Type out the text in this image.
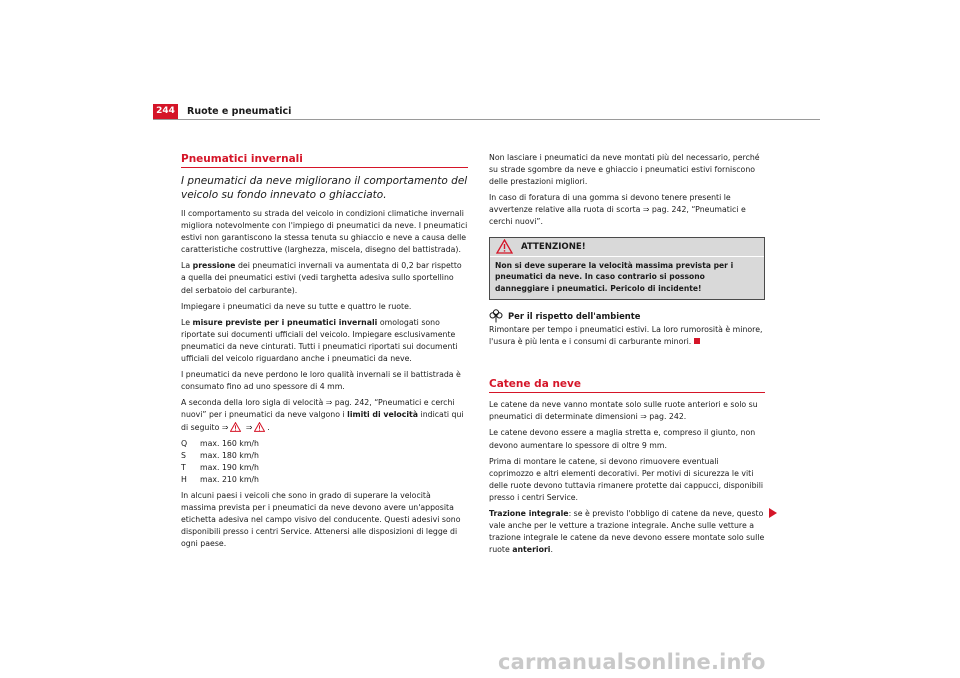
244	Ruote e pneumatici
Pneumatici invernali

I pneumatici da neve migliorano il comportamento del veicolo su fondo innevato o ghiacciato.

Il comportamento su strada del veicolo in condizioni climatiche invernali migliora notevolmente con l'impiego di pneumatici da neve. I pneumatici estivi non garantiscono la stessa tenuta su ghiaccio e neve a causa delle caratteristiche costruttive (larghezza, miscela, disegno del battistrada).

La pressione dei pneumatici invernali va aumentata di 0,2 bar rispetto a quella dei pneumatici estivi (vedi targhetta adesiva sullo sportellino del serbatoio del carburante).

Impiegare i pneumatici da neve su tutte e quattro le ruote.

Le misure previste per i pneumatici invernali omologati sono riportate sui documenti ufficiali del veicolo. Impiegare esclusivamente pneumatici da neve cinturati. Tutti i pneumatici riportati sui documenti ufficiali del veicolo riguardano anche i pneumatici da neve.

I pneumatici da neve perdono le loro qualità invernali se il battistrada è consumato fino ad uno spessore di 4 mm.

A seconda della loro sigla di velocità ⇒ pag. 242, “Pneumatici e cerchi nuovi” per i pneumatici da neve valgono i limiti di velocità indicati qui di seguito ⇒ ⇒ .

Q	max. 160 km/h
S	max. 180 km/h
T	max. 190 km/h
H	max. 210 km/h

In alcuni paesi i veicoli che sono in grado di superare la velocità massima prevista per i pneumatici da neve devono avere un'apposita etichetta adesiva nel campo visivo del conducente. Questi adesivi sono disponibili presso i centri Service. Attenersi alle disposizioni di legge di ogni paese.

Non lasciare i pneumatici da neve montati più del necessario, perché su strade sgombre da neve e ghiaccio i pneumatici estivi forniscono delle prestazioni migliori.

In caso di foratura di una gomma si devono tenere presenti le avvertenze relative alla ruota di scorta ⇒ pag. 242, “Pneumatici e cerchi nuovi”.

ATTENZIONE!
Non si deve superare la velocità massima prevista per i pneumatici da neve. In caso contrario si possono danneggiare i pneumatici. Pericolo di incidente!
Per il rispetto dell'ambiente

Rimontare per tempo i pneumatici estivi. La loro rumorosità è minore, l'usura è più lenta e i consumi di carburante minori.

Catene da neve

Le catene da neve vanno montate solo sulle ruote anteriori e solo su pneumatici di determinate dimensioni ⇒ pag. 242.

Le catene devono essere a maglia stretta e, compreso il giunto, non devono aumentare lo spessore di oltre 9 mm.

Prima di montare le catene, si devono rimuovere eventuali coprimozzo e altri elementi decorativi. Per motivi di sicurezza le viti delle ruote devono tuttavia rimanere protette dai cappucci, disponibili presso i centri Service.

Trazione integrale: se è previsto l'obbligo di catene da neve, questo vale anche per le vetture a trazione integrale. Anche sulle vetture a trazione integrale le catene da neve devono essere montate solo sulle ruote anteriori.

carmanualsonline.info
